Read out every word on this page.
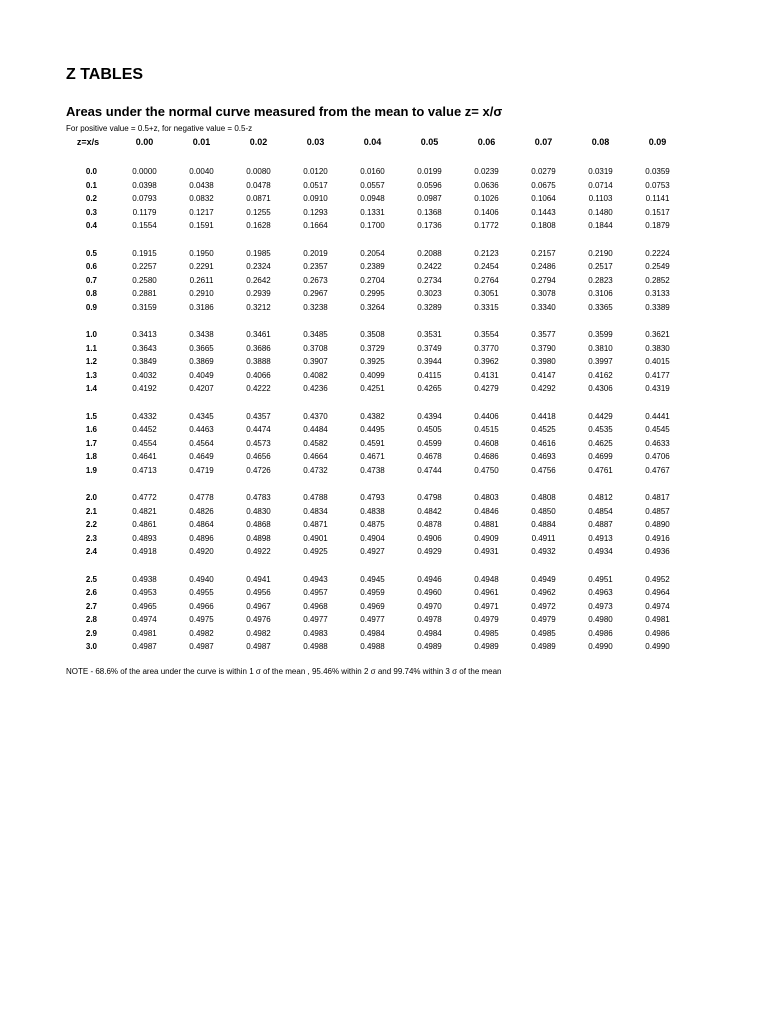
Z TABLES
Areas under the normal curve measured from the mean to value z= x/σ

For positive value = 0.5+z, for negative value = 0.5-z

z=x/s	0.00	0.01	0.02	0.03	0.04	0.05	0.06	0.07	0.08	0.09

0.0	0.0000	0.0040	0.0080	0.0120	0.0160	0.0199	0.0239	0.0279	0.0319	0.0359
0.1	0.0398	0.0438	0.0478	0.0517	0.0557	0.0596	0.0636	0.0675	0.0714	0.0753
0.2	0.0793	0.0832	0.0871	0.0910	0.0948	0.0987	0.1026	0.1064	0.1103	0.1141
0.3	0.1179	0.1217	0.1255	0.1293	0.1331	0.1368	0.1406	0.1443	0.1480	0.1517
0.4	0.1554	0.1591	0.1628	0.1664	0.1700	0.1736	0.1772	0.1808	0.1844	0.1879

0.5	0.1915	0.1950	0.1985	0.2019	0.2054	0.2088	0.2123	0.2157	0.2190	0.2224
0.6	0.2257	0.2291	0.2324	0.2357	0.2389	0.2422	0.2454	0.2486	0.2517	0.2549
0.7	0.2580	0.2611	0.2642	0.2673	0.2704	0.2734	0.2764	0.2794	0.2823	0.2852
0.8	0.2881	0.2910	0.2939	0.2967	0.2995	0.3023	0.3051	0.3078	0.3106	0.3133
0.9	0.3159	0.3186	0.3212	0.3238	0.3264	0.3289	0.3315	0.3340	0.3365	0.3389

1.0	0.3413	0.3438	0.3461	0.3485	0.3508	0.3531	0.3554	0.3577	0.3599	0.3621
1.1	0.3643	0.3665	0.3686	0.3708	0.3729	0.3749	0.3770	0.3790	0.3810	0.3830
1.2	0.3849	0.3869	0.3888	0.3907	0.3925	0.3944	0.3962	0.3980	0.3997	0.4015
1.3	0.4032	0.4049	0.4066	0.4082	0.4099	0.4115	0.4131	0.4147	0.4162	0.4177
1.4	0.4192	0.4207	0.4222	0.4236	0.4251	0.4265	0.4279	0.4292	0.4306	0.4319

1.5	0.4332	0.4345	0.4357	0.4370	0.4382	0.4394	0.4406	0.4418	0.4429	0.4441
1.6	0.4452	0.4463	0.4474	0.4484	0.4495	0.4505	0.4515	0.4525	0.4535	0.4545
1.7	0.4554	0.4564	0.4573	0.4582	0.4591	0.4599	0.4608	0.4616	0.4625	0.4633
1.8	0.4641	0.4649	0.4656	0.4664	0.4671	0.4678	0.4686	0.4693	0.4699	0.4706
1.9	0.4713	0.4719	0.4726	0.4732	0.4738	0.4744	0.4750	0.4756	0.4761	0.4767

2.0	0.4772	0.4778	0.4783	0.4788	0.4793	0.4798	0.4803	0.4808	0.4812	0.4817
2.1	0.4821	0.4826	0.4830	0.4834	0.4838	0.4842	0.4846	0.4850	0.4854	0.4857
2.2	0.4861	0.4864	0.4868	0.4871	0.4875	0.4878	0.4881	0.4884	0.4887	0.4890
2.3	0.4893	0.4896	0.4898	0.4901	0.4904	0.4906	0.4909	0.4911	0.4913	0.4916
2.4	0.4918	0.4920	0.4922	0.4925	0.4927	0.4929	0.4931	0.4932	0.4934	0.4936

2.5	0.4938	0.4940	0.4941	0.4943	0.4945	0.4946	0.4948	0.4949	0.4951	0.4952
2.6	0.4953	0.4955	0.4956	0.4957	0.4959	0.4960	0.4961	0.4962	0.4963	0.4964
2.7	0.4965	0.4966	0.4967	0.4968	0.4969	0.4970	0.4971	0.4972	0.4973	0.4974
2.8	0.4974	0.4975	0.4976	0.4977	0.4977	0.4978	0.4979	0.4979	0.4980	0.4981
2.9	0.4981	0.4982	0.4982	0.4983	0.4984	0.4984	0.4985	0.4985	0.4986	0.4986
3.0	0.4987	0.4987	0.4987	0.4988	0.4988	0.4989	0.4989	0.4989	0.4990	0.4990

NOTE - 68.6% of the area under the curve is within 1 σ of the mean , 95.46% within 2 σ and 99.74% within 3 σ of the mean
